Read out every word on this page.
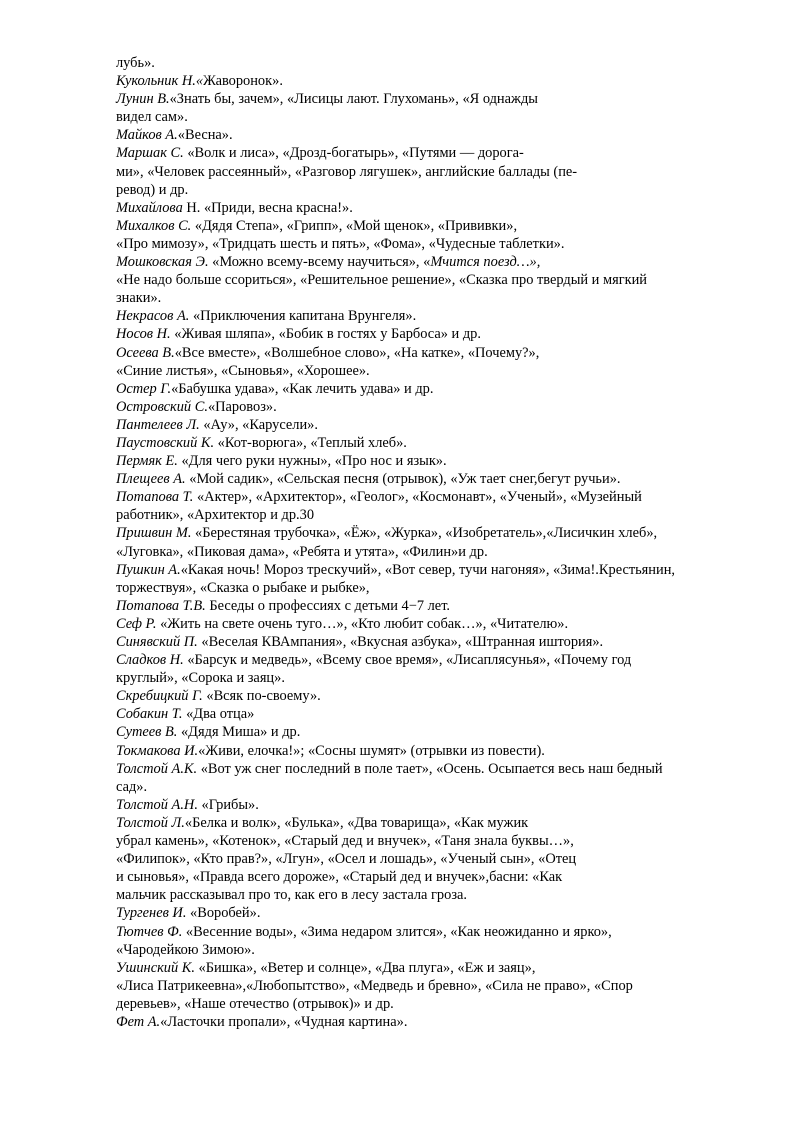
лубь».
Кукольник Н.«Жаворонок».
Лунин В.«Знать бы, зачем», «Лисицы лают. Глухомань», «Я однажды
видел сам».
Майков А.«Весна».
Маршак С. «Волк и лиса», «Дрозд-богатырь», «Путями — дорога-
ми», «Человек рассеянный», «Разговор лягушек», английские баллады (пе-
ревод) и др.
Михайлова Н. «Приди, весна красна!».
Михалков С. «Дядя Степа», «Грипп», «Мой щенок», «Прививки»,
«Про мимозу», «Тридцать шесть и пять», «Фома», «Чудесные таблетки».
Мошковская Э. «Можно всему-всему научиться», «Мчится поезд…»,
«Не надо больше ссориться», «Решительное решение», «Сказка про твердый и мягкий
знаки».
Некрасов А. «Приключения капитана Врунгеля».
Носов Н. «Живая шляпа», «Бобик в гостях у Барбоса» и др.
Осеева В.«Все вместе», «Волшебное слово», «На катке», «Почему?»,
«Синие листья», «Сыновья», «Хорошее».
Остер Г.«Бабушка удава», «Как лечить удава» и др.
Островский С.«Паровоз».
Пантелеев Л. «Ау», «Карусели».
Паустовский К. «Кот-ворюга», «Теплый хлеб».
Пермяк Е. «Для чего руки нужны», «Про нос и язык».
Плещеев А. «Мой садик», «Сельская песня (отрывок), «Уж тает снег,бегут ручьи».
Потапова Т. «Актер», «Архитектор», «Геолог», «Космонавт», «Ученый», «Музейный
работник», «Архитектор и др.30
Пришвин М. «Берестяная трубочка», «Ёж», «Журка», «Изобретатель»,«Лисичкин хлеб»,
«Луговка», «Пиковая дама», «Ребята и утята», «Филин»и др.
Пушкин А.«Какая ночь! Мороз трескучий», «Вот север, тучи нагоняя», «Зима!.Крестьянин,
торжествуя», «Сказка о рыбаке и рыбке»,
Потапова Т.В. Беседы о профессиях с детьми 4−7 лет.
Сеф Р. «Жить на свете очень туго…», «Кто любит собак…», «Читателю».
Синявский П. «Веселая КВАмпания», «Вкусная азбука», «Штранная иштория».
Сладков Н. «Барсук и медведь», «Всему свое время», «Лисаплясунья», «Почему год
круглый», «Сорока и заяц».
Скребицкий Г. «Всяк по-своему».
Собакин Т. «Два отца»
Сутеев В. «Дядя Миша» и др.
Токмакова И.«Живи, елочка!»; «Сосны шумят» (отрывки из повести).
Толстой А.К. «Вот уж снег последний в поле тает», «Осень. Осыпается весь наш бедный
сад».
Толстой А.Н. «Грибы».
Толстой Л.«Белка и волк», «Булька», «Два товарища», «Как мужик
убрал камень», «Котенок», «Старый дед и внучек», «Таня знала буквы…»,
«Филипок», «Кто прав?», «Лгун», «Осел и лошадь», «Ученый сын», «Отец
и сыновья», «Правда всего дороже», «Старый дед и внучек»,басни: «Как
мальчик рассказывал про то, как его в лесу застала гроза.
Тургенев И. «Воробей».
Тютчев Ф. «Весенние воды», «Зима недаром злится», «Как неожиданно и ярко»,
«Чародейкою Зимою».
Ушинский К. «Бишка», «Ветер и солнце», «Два плуга», «Еж и заяц»,
«Лиса Патрикеевна»,«Любопытство», «Медведь и бревно», «Сила не право», «Спор
деревьев», «Наше отечество (отрывок)» и др.
Фет А.«Ласточки пропали», «Чудная картина».
